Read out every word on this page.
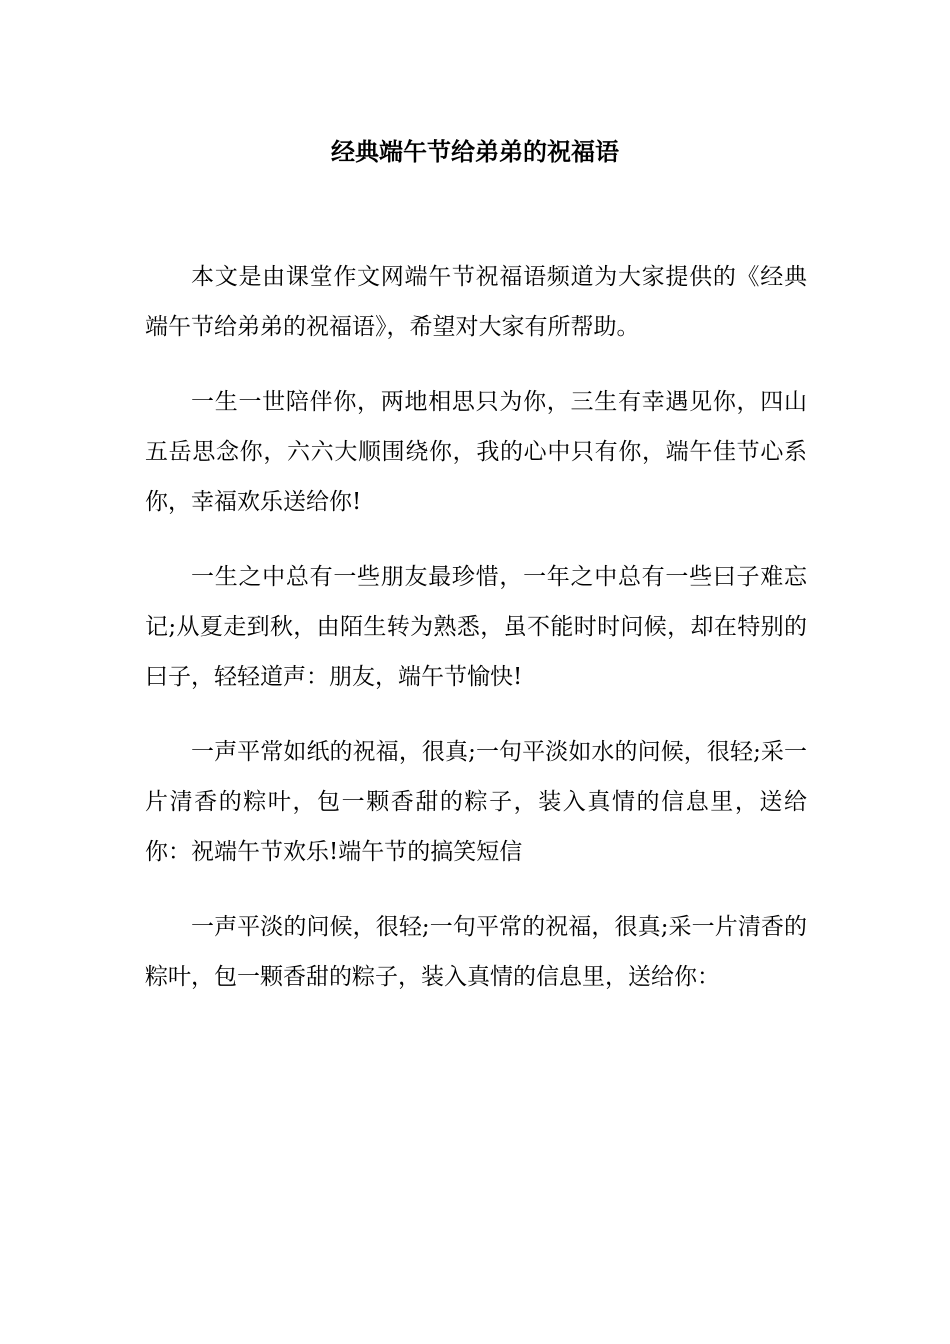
经典端午节给弟弟的祝福语

本文是由课堂作文网端午节祝福语频道为大家提供的《经典端午节给弟弟的祝福语》，希望对大家有所帮助。

一生一世陪伴你，两地相思只为你，三生有幸遇见你，四山五岳思念你，六六大顺围绕你，我的心中只有你，端午佳节心系你，幸福欢乐送给你!

一生之中总有一些朋友最珍惜，一年之中总有一些曰子难忘记;从夏走到秋，由陌生转为熟悉，虽不能时时问候，却在特别的曰子，轻轻道声：朋友，端午节愉快!

一声平常如纸的祝福，很真;一句平淡如水的问候，很轻;采一片清香的粽叶，包一颗香甜的粽子，装入真情的信息里，送给你：祝端午节欢乐!端午节的搞笑短信

一声平淡的问候，很轻;一句平常的祝福，很真;采一片清香的粽叶，包一颗香甜的粽子，装入真情的信息里，送给你：
